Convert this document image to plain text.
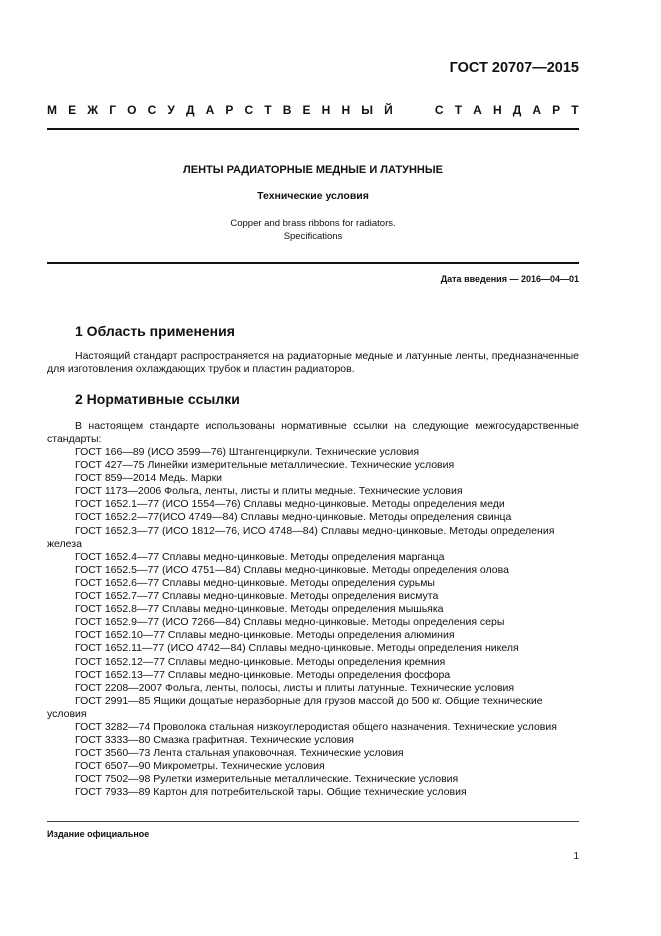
ГОСТ 20707—2015
М Е Ж Г О С У Д А Р С Т В Е Н Н Ы Й	С Т А Н Д А Р Т
ЛЕНТЫ РАДИАТОРНЫЕ МЕДНЫЕ И ЛАТУННЫЕ
Технические условия
Copper and brass ribbons for radiators.
Specifications
Дата введения — 2016—04—01
1 Область применения
Настоящий стандарт распространяется на радиаторные медные и латунные ленты, предназначенные для изготовления охлаждающих трубок и пластин радиаторов.
2 Нормативные ссылки
В настоящем стандарте использованы нормативные ссылки на следующие межгосударственные стандарты:
ГОСТ 166—89 (ИСО 3599—76) Штангенциркули. Технические условия
ГОСТ 427—75 Линейки измерительные металлические. Технические условия
ГОСТ 859—2014 Медь. Марки
ГОСТ 1173—2006 Фольга, ленты, листы и плиты медные. Технические условия
ГОСТ 1652.1—77 (ИСО 1554—76) Сплавы медно-цинковые. Методы определения меди
ГОСТ 1652.2—77(ИСО 4749—84) Сплавы медно-цинковые. Методы определения свинца
ГОСТ 1652.3—77 (ИСО 1812—76, ИСО 4748—84) Сплавы медно-цинковые. Методы определения железа
ГОСТ 1652.4—77 Сплавы медно-цинковые. Методы определения марганца
ГОСТ 1652.5—77 (ИСО 4751—84) Сплавы медно-цинковые. Методы определения олова
ГОСТ 1652.6—77 Сплавы медно-цинковые. Методы определения сурьмы
ГОСТ 1652.7—77 Сплавы медно-цинковые. Методы определения висмута
ГОСТ 1652.8—77 Сплавы медно-цинковые. Методы определения мышьяка
ГОСТ 1652.9—77 (ИСО 7266—84) Сплавы медно-цинковые. Методы определения серы
ГОСТ 1652.10—77 Сплавы медно-цинковые. Методы определения алюминия
ГОСТ 1652.11—77 (ИСО 4742—84) Сплавы медно-цинковые. Методы определения никеля
ГОСТ 1652.12—77 Сплавы медно-цинковые. Методы определения кремния
ГОСТ 1652.13—77 Сплавы медно-цинковые. Методы определения фосфора
ГОСТ 2208—2007 Фольга, ленты, полосы, листы и плиты латунные. Технические условия
ГОСТ 2991—85 Ящики дощатые неразборные для грузов массой до 500 кг. Общие технические условия
ГОСТ 3282—74 Проволока стальная низкоуглеродистая общего назначения. Технические условия
ГОСТ 3333—80 Смазка графитная. Технические условия
ГОСТ 3560—73 Лента стальная упаковочная. Технические условия
ГОСТ 6507—90 Микрометры. Технические условия
ГОСТ 7502—98 Рулетки измерительные металлические. Технические условия
ГОСТ 7933—89 Картон для потребительской тары. Общие технические условия
Издание официальное
1
